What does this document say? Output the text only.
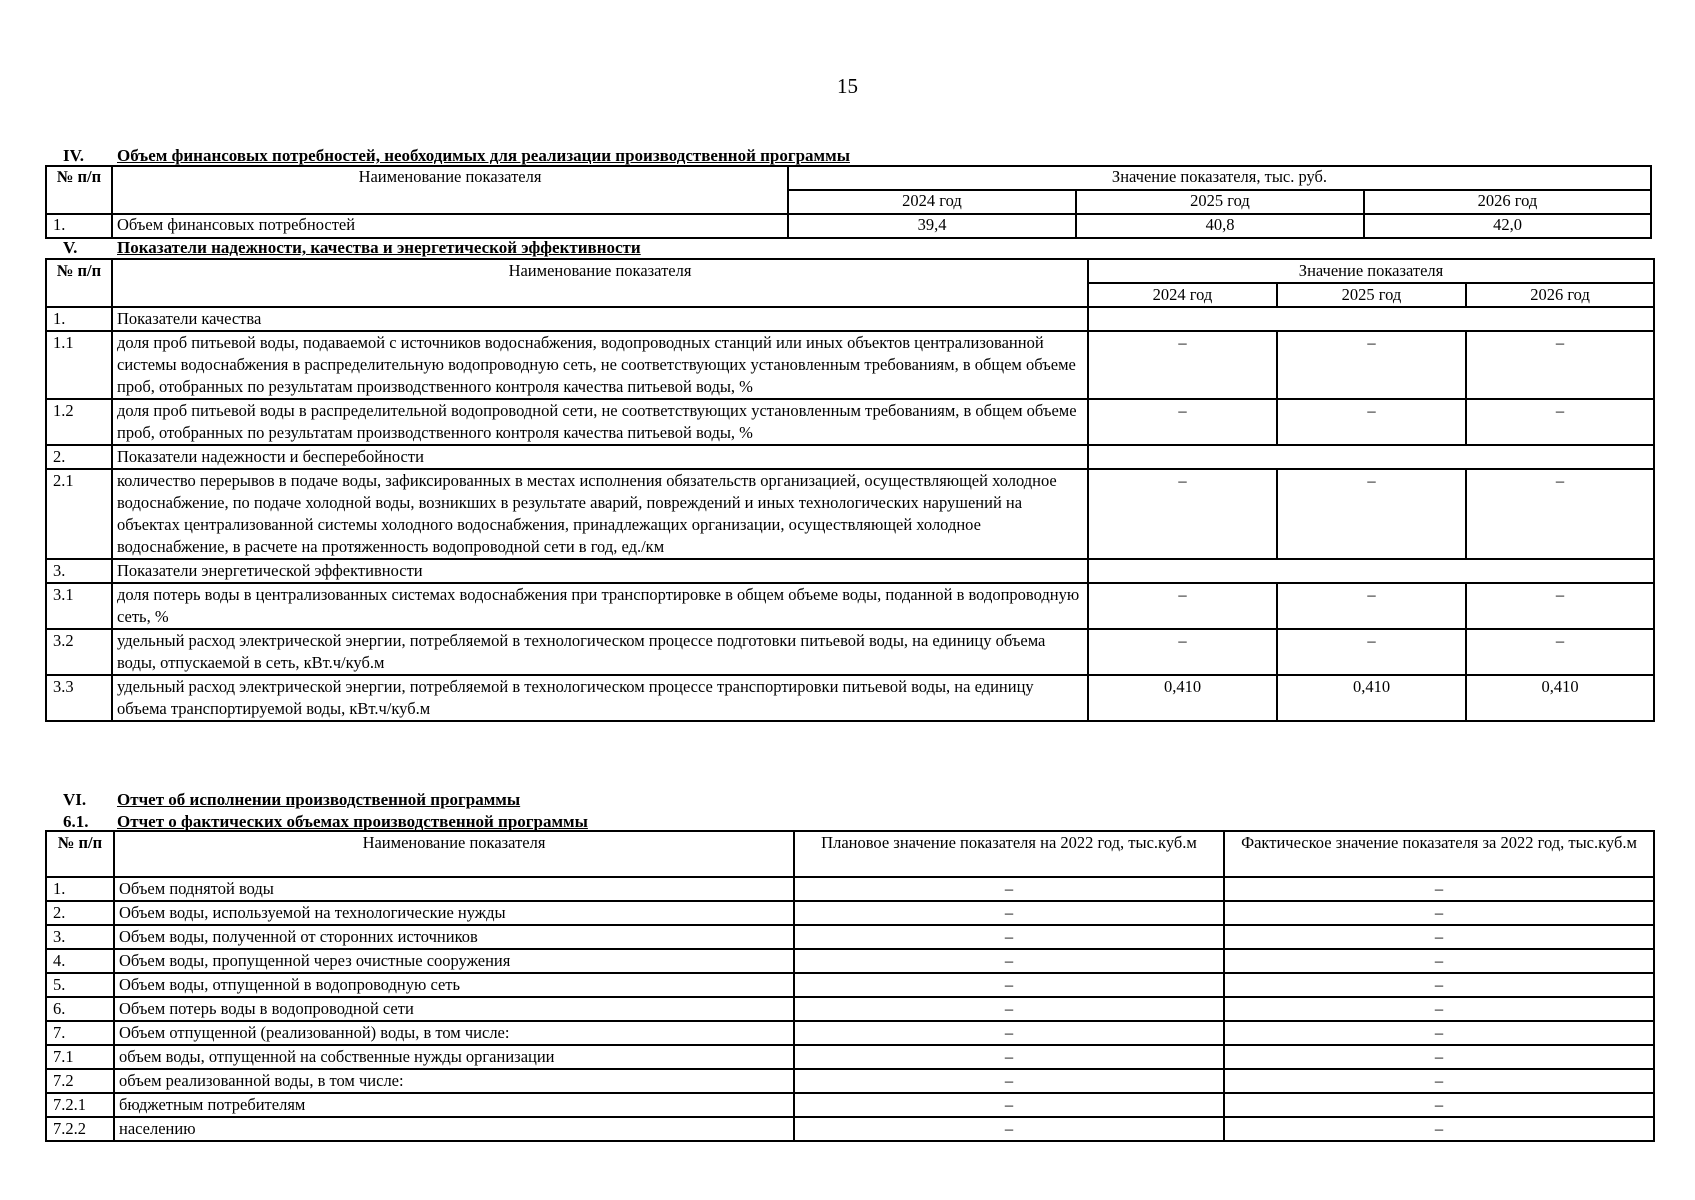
15
IV.	Объем финансовых потребностей, необходимых для реализации производственной программы
№ п/п	Наименование показателя	Значение показателя, тыс. руб.		
		2024 год	2025 год	2026 год
1.	Объем финансовых потребностей	39,4	40,8	42,0
V.	Показатели надежности, качества и энергетической эффективности
№ п/п	Наименование показателя	Значение показателя		
		2024 год	2025 год	2026 год
1.	Показатели качества			
1.1	доля проб питьевой воды, подаваемой с источников водоснабжения, водопроводных станций или иных объектов централизованной системы водоснабжения в распределительную водопроводную сеть, не соответствующих установленным требованиям, в общем объеме проб, отобранных по результатам производственного контроля качества питьевой воды, %	–	–	–
1.2	доля проб питьевой воды в распределительной водопроводной сети, не соответствующих установленным требованиям, в общем объеме проб, отобранных по результатам производственного контроля качества питьевой воды, %	–	–	–
2.	Показатели надежности и бесперебойности			
2.1	количество перерывов в подаче воды, зафиксированных в местах исполнения обязательств организацией, осуществляющей холодное водоснабжение, по подаче холодной воды, возникших в результате аварий, повреждений и иных технологических нарушений на объектах централизованной системы холодного водоснабжения, принадлежащих организации, осуществляющей холодное водоснабжение, в расчете на протяженность водопроводной сети в год, ед./км	–	–	–
3.	Показатели энергетической эффективности			
3.1	доля потерь воды в централизованных системах водоснабжения при транспортировке в общем объеме воды, поданной в водопроводную сеть, %	–	–	–
3.2	удельный расход электрической энергии, потребляемой в технологическом процессе подготовки питьевой воды, на единицу объема воды, отпускаемой в сеть, кВт.ч/куб.м	–	–	–
3.3	удельный расход электрической энергии, потребляемой в технологическом процессе транспортировки питьевой воды, на единицу объема транспортируемой воды, кВт.ч/куб.м	0,410	0,410	0,410
VI.	Отчет об исполнении производственной программы
6.1.	Отчет о фактических объемах производственной программы
№ п/п	Наименование показателя	Плановое значение показателя на 2022 год, тыс.куб.м	Фактическое значение показателя за 2022 год, тыс.куб.м
1.	Объем поднятой воды	–	–
2.	Объем воды, используемой на технологические нужды	–	–
3.	Объем воды, полученной от сторонних источников	–	–
4.	Объем воды, пропущенной через очистные сооружения	–	–
5.	Объем воды, отпущенной в водопроводную сеть	–	–
6.	Объем потерь воды в водопроводной сети	–	–
7.	Объем отпущенной (реализованной) воды, в том числе:	–	–
7.1	объем воды, отпущенной на собственные нужды организации	–	–
7.2	объем реализованной воды, в том числе:	–	–
7.2.1	бюджетным потребителям	–	–
7.2.2	населению	–	–
